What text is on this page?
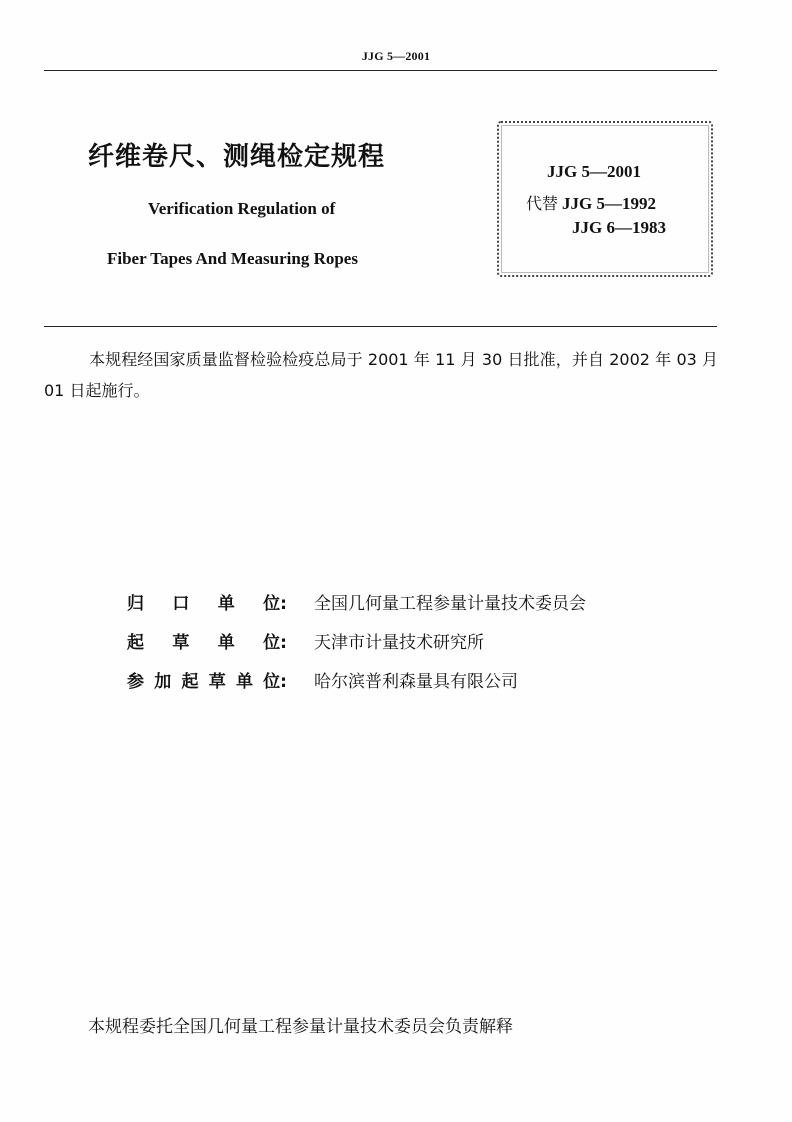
JJG 5—2001
纤维卷尺、测绳检定规程
Verification Regulation of
Fiber Tapes And Measuring Ropes
JJG 5—2001
代替 JJG 5—1992
JJG 6—1983
本规程经国家质量监督检验检疫总局于 2001 年 11 月 30 日批准，并自 2002 年 03 月 01 日起施行。
归 口 单 位: 全国几何量工程参量计量技术委员会
起 草 单 位: 天津市计量技术研究所
参 加 起 草 单 位: 哈尔滨普利森量具有限公司
本规程委托全国几何量工程参量计量技术委员会负责解释
